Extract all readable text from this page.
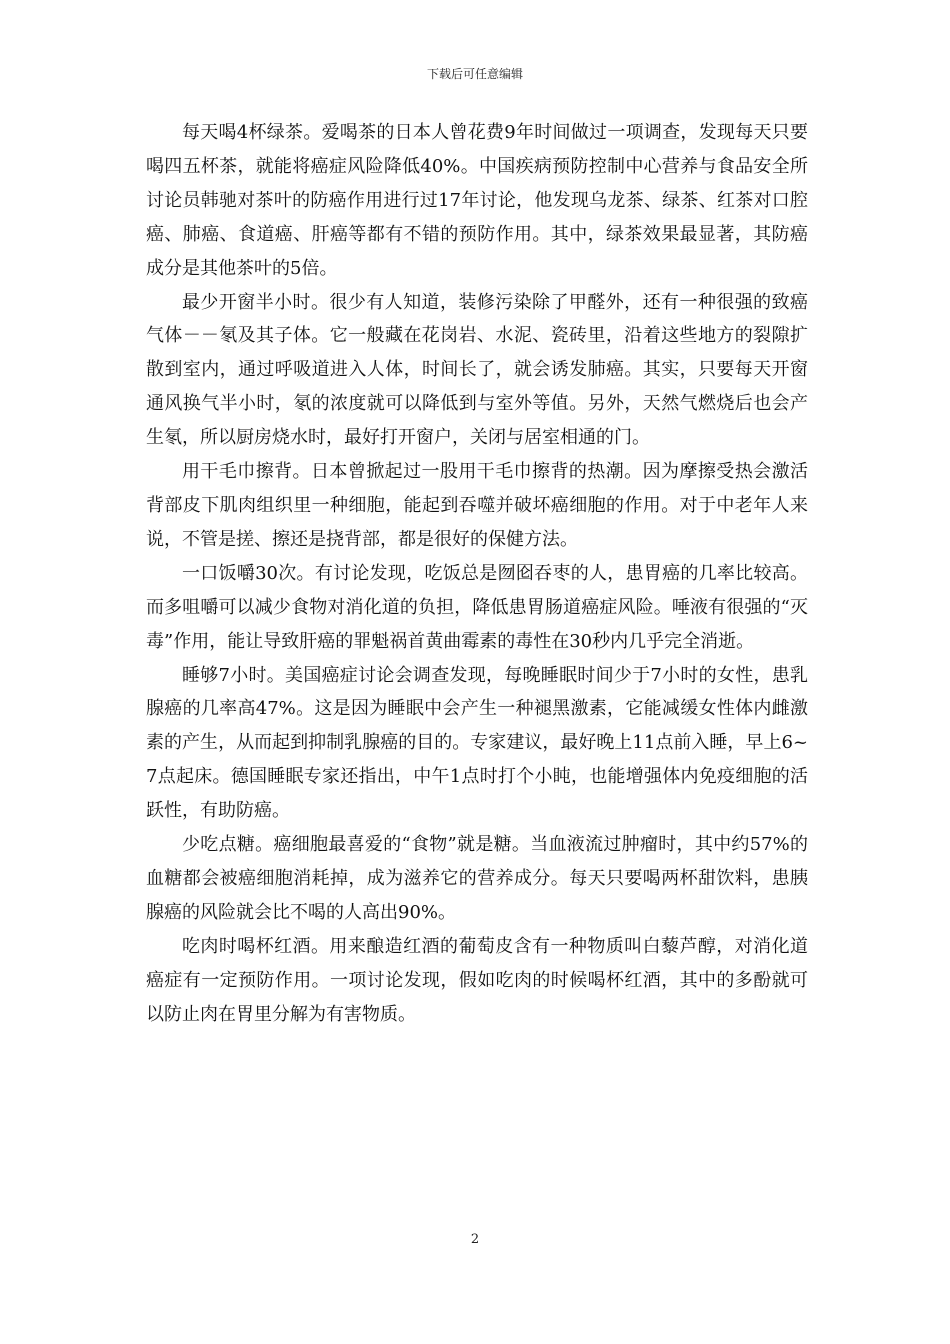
下载后可任意编辑

每天喝4杯绿茶。爱喝茶的日本人曾花费9年时间做过一项调查，发现每天只要喝四五杯茶，就能将癌症风险降低40%。中国疾病预防控制中心营养与食品安全所讨论员韩驰对茶叶的防癌作用进行过17年讨论，他发现乌龙茶、绿茶、红茶对口腔癌、肺癌、食道癌、肝癌等都有不错的预防作用。其中，绿茶效果最显著，其防癌成分是其他茶叶的5倍。

最少开窗半小时。很少有人知道，装修污染除了甲醛外，还有一种很强的致癌气体－－氡及其子体。它一般藏在花岗岩、水泥、瓷砖里，沿着这些地方的裂隙扩散到室内，通过呼吸道进入人体，时间长了，就会诱发肺癌。其实，只要每天开窗通风换气半小时，氡的浓度就可以降低到与室外等值。另外，天然气燃烧后也会产生氡，所以厨房烧水时，最好打开窗户，关闭与居室相通的门。

用干毛巾擦背。日本曾掀起过一股用干毛巾擦背的热潮。因为摩擦受热会激活背部皮下肌肉组织里一种细胞，能起到吞噬并破坏癌细胞的作用。对于中老年人来说，不管是搓、擦还是挠背部，都是很好的保健方法。

一口饭嚼30次。有讨论发现，吃饭总是囫囵吞枣的人，患胃癌的几率比较高。而多咀嚼可以减少食物对消化道的负担，降低患胃肠道癌症风险。唾液有很强的“灭毒”作用，能让导致肝癌的罪魁祸首黄曲霉素的毒性在30秒内几乎完全消逝。

睡够7小时。美国癌症讨论会调查发现，每晚睡眠时间少于7小时的女性，患乳腺癌的几率高47%。这是因为睡眠中会产生一种褪黑激素，它能减缓女性体内雌激素的产生，从而起到抑制乳腺癌的目的。专家建议，最好晚上11点前入睡，早上6~7点起床。德国睡眠专家还指出，中午1点时打个小盹，也能增强体内免疫细胞的活跃性，有助防癌。

少吃点糖。癌细胞最喜爱的“食物”就是糖。当血液流过肿瘤时，其中约57%的血糖都会被癌细胞消耗掉，成为滋养它的营养成分。每天只要喝两杯甜饮料，患胰腺癌的风险就会比不喝的人高出90%。

吃肉时喝杯红酒。用来酿造红酒的葡萄皮含有一种物质叫白藜芦醇，对消化道癌症有一定预防作用。一项讨论发现，假如吃肉的时候喝杯红酒，其中的多酚就可以防止肉在胃里分解为有害物质。

2
